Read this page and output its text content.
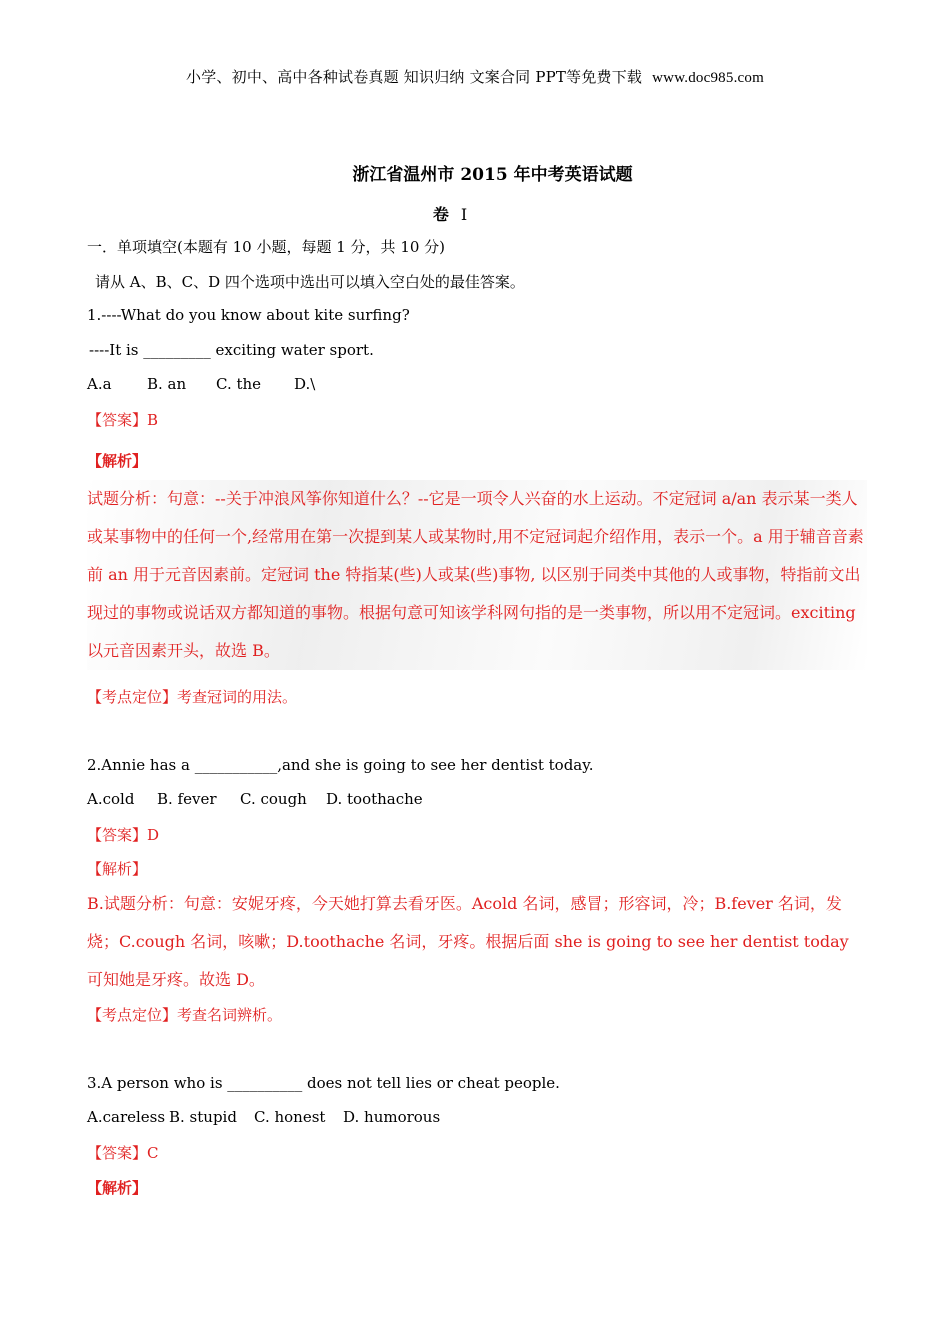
小学、初中、高中各种试卷真题 知识归纳 文案合同 PPT等免费下载 www.doc985.com
浙江省温州市 2015 年中考英语试题
卷 I
一．单项填空(本题有 10 小题，每题 1 分，共 10 分)
请从 A、B、C、D 四个选项中选出可以填入空白处的最佳答案。
1.----What do you know about kite surfing?
----It is _________ exciting water sport.
A.a B. an C. the D.\
【答案】B
【解析】
试题分析：句意：--关于冲浪风筝你知道什么？--它是一项令人兴奋的水上运动。不定冠词 a/an 表示某一类人或某事物中的任何一个,经常用在第一次提到某人或某物时,用不定冠词起介绍作用，表示一个。a 用于辅音音素前 an 用于元音因素前。定冠词 the 特指某(些)人或某(些)事物, 以区别于同类中其他的人或事物，特指前文出现过的事物或说话双方都知道的事物。根据句意可知该学科网句指的是一类事物，所以用不定冠词。exciting 以元音因素开头，故选 B。
【考点定位】考查冠词的用法。
2.Annie has a ___________,and she is going to see her dentist today.
A.cold B. fever C. cough D. toothache
【答案】D
【解析】
B.试题分析：句意：安妮牙疼，今天她打算去看牙医。Acold 名词，感冒；形容词，冷；B.fever 名词，发烧；C.cough 名词，咳嗽；D.toothache 名词，牙疼。根据后面 she is going to see her dentist today 可知她是牙疼。故选 D。
【考点定位】考查名词辨析。
3.A person who is __________ does not tell lies or cheat people.
A.careless B. stupid C. honest D. humorous
【答案】C
【解析】
